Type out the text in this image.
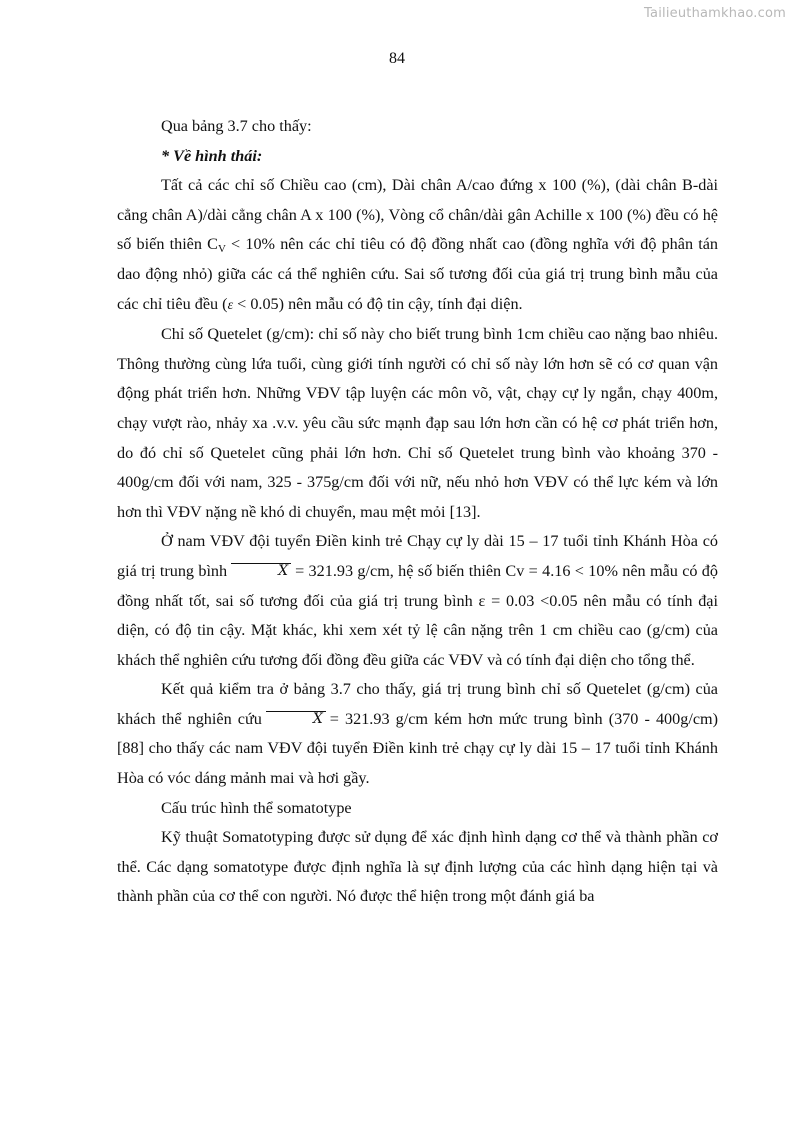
Tailieuthamkhao.com
84

Qua bảng 3.7 cho thấy:

* Về hình thái:

Tất cả các chỉ số Chiều cao (cm), Dài chân A/cao đứng x 100 (%), (dài chân B-dài cẳng chân A)/dài cẳng chân A x 100 (%), Vòng cổ chân/dài gân Achille x 100 (%) đều có hệ số biến thiên $C_V < 10\%$ nên các chỉ tiêu có độ đồng nhất cao (đồng nghĩa với độ phân tán dao động nhỏ) giữa các cá thể nghiên cứu. Sai số tương đối của giá trị trung bình mẫu của các chỉ tiêu đều (ε < 0.05) nên mẫu có độ tin cậy, tính đại diện.

Chỉ số Quetelet (g/cm): chỉ số này cho biết trung bình 1cm chiều cao nặng bao nhiêu. Thông thường cùng lứa tuổi, cùng giới tính người có chỉ số này lớn hơn sẽ có cơ quan vận động phát triển hơn. Những VĐV tập luyện các môn võ, vật, chạy cự ly ngắn, chạy 400m, chạy vượt rào, nhảy xa .v.v. yêu cầu sức mạnh đạp sau lớn hơn cần có hệ cơ phát triển hơn, do đó chỉ số Quetelet cũng phải lớn hơn. Chỉ số Quetelet trung bình vào khoảng 370 - 400g/cm đối với nam, 325 - 375g/cm đối với nữ, nếu nhỏ hơn VĐV có thể lực kém và lớn hơn thì VĐV nặng nề khó di chuyển, mau mệt mỏi [13].

Ở nam VĐV đội tuyển Điền kinh trẻ Chạy cự ly dài 15 – 17 tuổi tỉnh Khánh Hòa có giá trị trung bình	X = 321.93 g/cm, hệ số biến thiên Cv = 4.16 < 10% nên mẫu có độ đồng nhất tốt, sai số tương đối của giá trị trung bình ε = 0.03 <0.05 nên mẫu có tính đại diện, có độ tin cậy. Mặt khác, khi xem xét tỷ lệ cân nặng trên 1 cm chiều cao (g/cm) của khách thể nghiên cứu tương đối đồng đều giữa các VĐV và có tính đại diện cho tổng thể.

Kết quả kiểm tra ở bảng 3.7 cho thấy, giá trị trung bình chỉ số Quetelet (g/cm) của khách thể nghiên cứu	X = 321.93 g/cm kém hơn mức trung bình (370 - 400g/cm) [88] cho thấy các nam VĐV đội tuyển Điền kinh trẻ chạy cự ly dài 15 – 17 tuổi tỉnh Khánh Hòa có vóc dáng mảnh mai và hơi gầy.

Cấu trúc hình thể somatotype

Kỹ thuật Somatotyping được sử dụng để xác định hình dạng cơ thể và thành phần cơ thể. Các dạng somatotype được định nghĩa là sự định lượng của các hình dạng hiện tại và thành phần của cơ thể con người. Nó được thể hiện trong một đánh giá ba
